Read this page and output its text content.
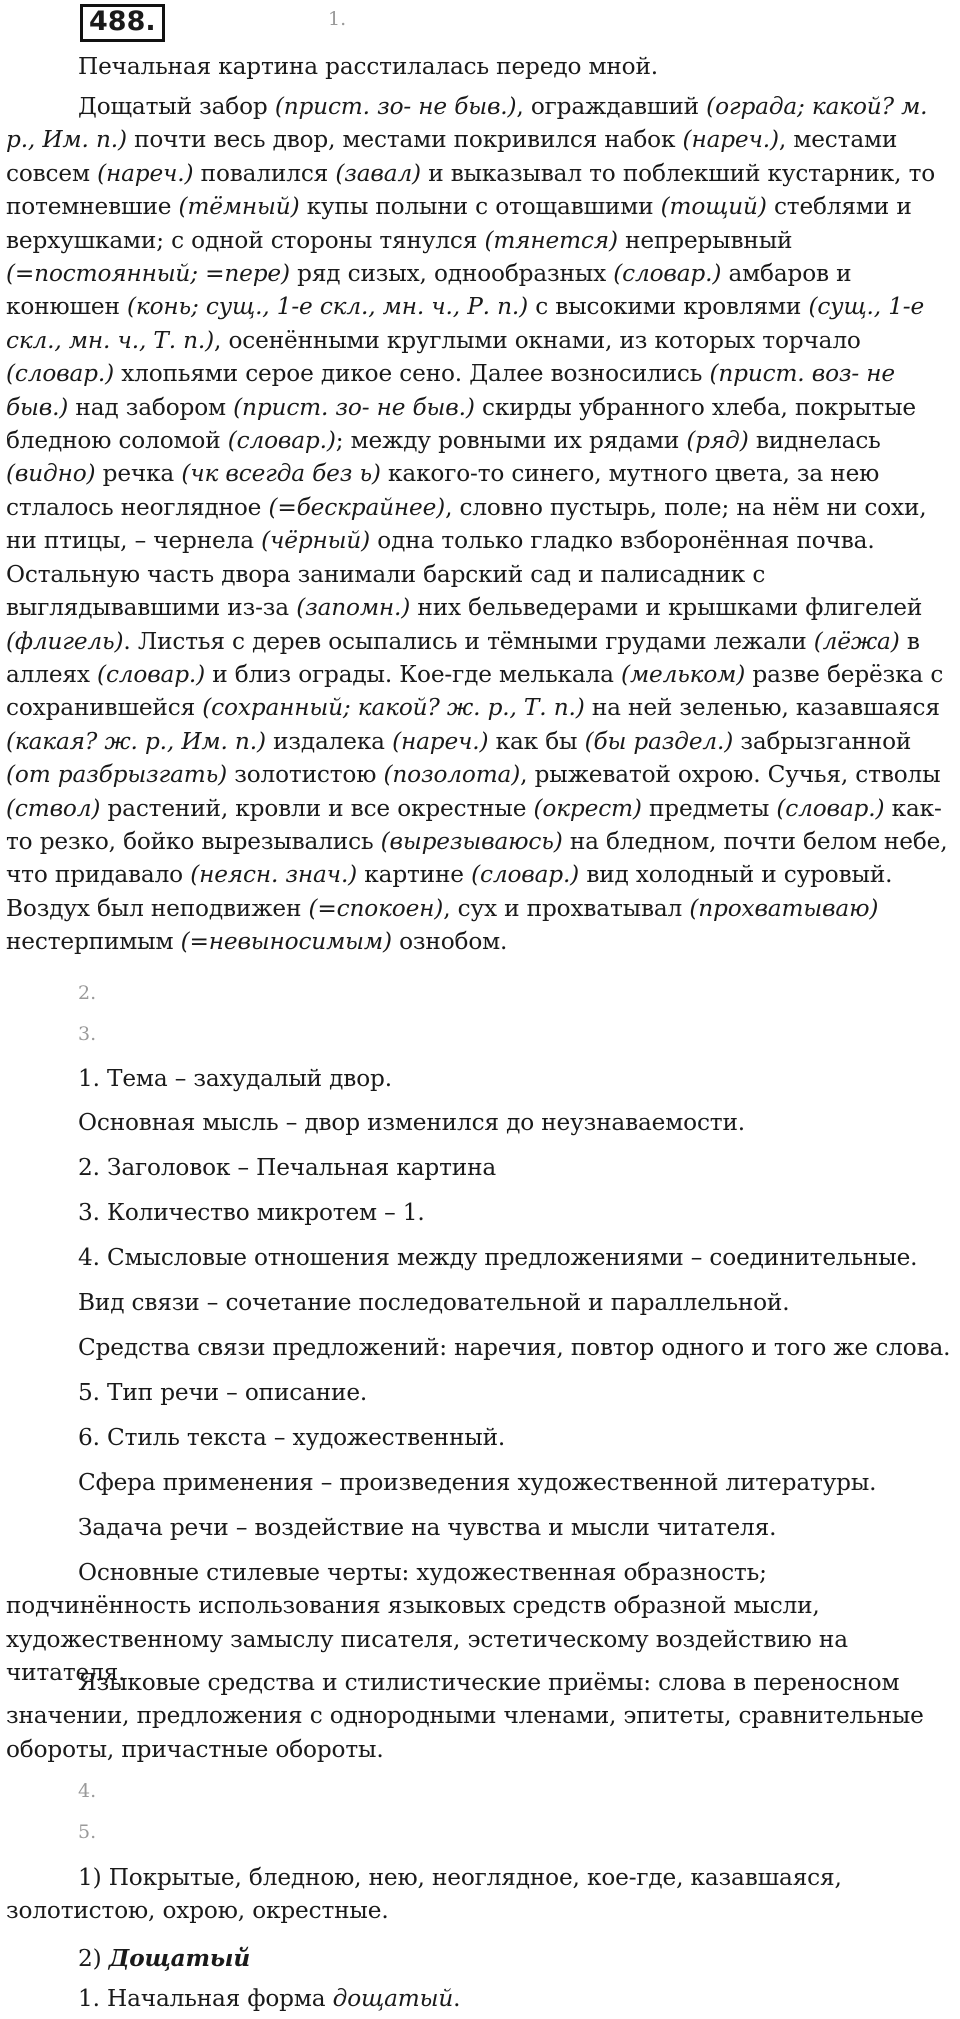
488.	1.
Печальная картина расстилалась передо мной.

Дощатый забор (прист. зо- не быв.), ограждавший (ограда; какой? м. р., Им. п.) почти весь двор, местами покривился набок (нареч.), местами совсем (нареч.) повалился (завал) и выказывал то поблекший кустарник, то потемневшие (тёмный) купы полыни с отощавшими (тощий) стеблями и верхушками; с одной стороны тянулся (тянется) непрерывный (=постоянный; =пере) ряд сизых, однообразных (словар.) амбаров и конюшен (конь; сущ., 1-е скл., мн. ч., Р. п.) с высокими кровлями (сущ., 1-е скл., мн. ч., Т. п.), осенёнными круглыми окнами, из которых торчало (словар.) хлопьями серое дикое сено. Далее возносились (прист. воз- не быв.) над забором (прист. зо- не быв.) скирды убранного хлеба, покрытые бледною соломой (словар.); между ровными их рядами (ряд) виднелась (видно) речка (чк всегда без ь) какого-то синего, мутного цвета, за нею стлалось неоглядное (=бескрайнее), словно пустырь, поле; на нём ни сохи, ни птицы, – чернела (чёрный) одна только гладко взборонённая почва. Остальную часть двора занимали барский сад и палисадник с выглядывавшими из-за (запомн.) них бельведерами и крышками флигелей (флигель). Листья с дерев осыпались и тёмными грудами лежали (лёжа) в аллеях (словар.) и близ ограды. Кое-где мелькала (мельком) разве берёзка с сохранившейся (сохранный; какой? ж. р., Т. п.) на ней зеленью, казавшаяся (какая? ж. р., Им. п.) издалека (нареч.) как бы (бы раздел.) забрызганной (от разбрызгать) золотистою (позолота), рыжеватой охрою. Сучья, стволы (ствол) растений, кровли и все окрестные (окрест) предметы (словар.) как-то резко, бойко вырезывались (вырезываюсь) на бледном, почти белом небе, что придавало (неясн. знач.) картине (словар.) вид холодный и суровый. Воздух был неподвижен (=спокоен), сух и прохватывал (прохватываю) нестерпимым (=невыносимым) ознобом.

2.
3.
1. Тема – захудалый двор.
Основная мысль – двор изменился до неузнаваемости.
2. Заголовок – Печальная картина
3. Количество микротем – 1.
4. Смысловые отношения между предложениями – соединительные.
Вид связи – сочетание последовательной и параллельной.
Средства связи предложений: наречия, повтор одного и того же слова.
5. Тип речи – описание.
6. Стиль текста – художественный.
Сфера применения – произведения художественной литературы.
Задача речи – воздействие на чувства и мысли читателя.

Основные стилевые черты: художественная образность; подчинённость использования языковых средств образной мысли, художественному замыслу писателя, эстетическому воздействию на читателя.

Языковые средства и стилистические приёмы: слова в переносном значении, предложения с однородными членами, эпитеты, сравнительные обороты, причастные обороты.

4.
5.

1) Покрытые, бледною, нею, неоглядное, кое-где, казавшаяся, золотистою, охрою, окрестные.

2) Дощатый
1. Начальная форма дощатый.
